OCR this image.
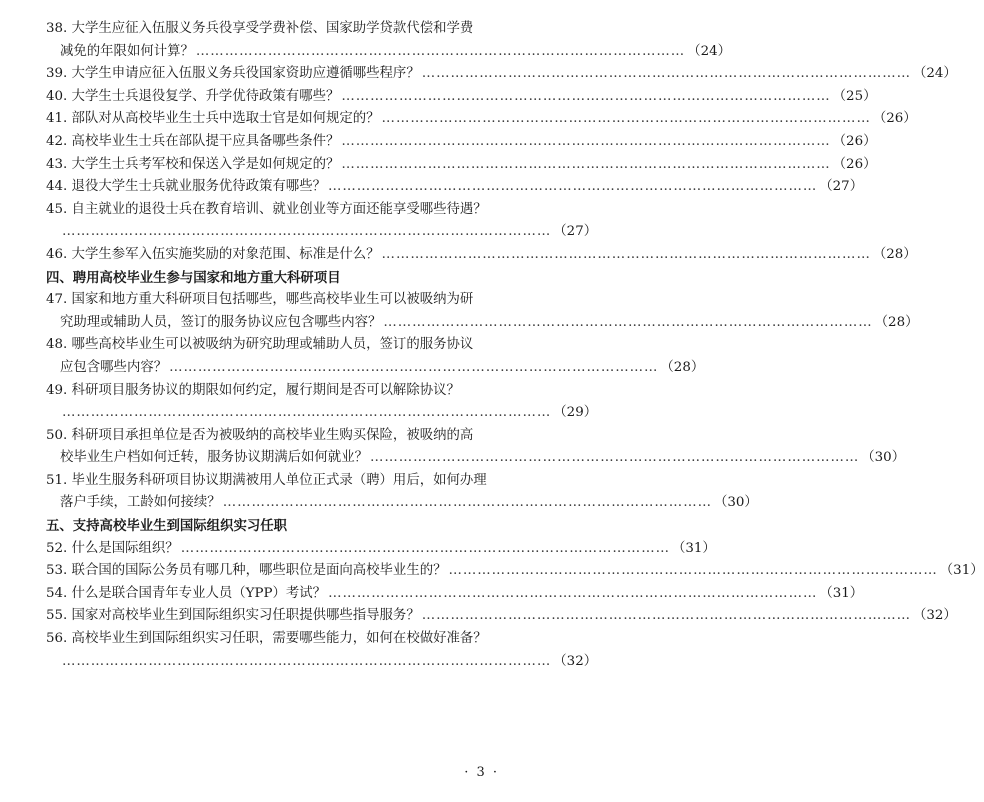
38. 大学生应征入伍服义务兵役享受学费补偿、国家助学贷款代偿和学费
减免的年限如何计算？ ………………………………………………………………………………………… （24）
39. 大学生申请应征入伍服义务兵役国家资助应遵循哪些程序？ ………………………………………………………………………………………… （24）
40. 大学生士兵退役复学、升学优待政策有哪些？ ………………………………………………………………………………………… （25）
41. 部队对从高校毕业生士兵中选取士官是如何规定的？ ………………………………………………………………………………………… （26）
42. 高校毕业生士兵在部队提干应具备哪些条件？ ………………………………………………………………………………………… （26）
43. 大学生士兵考军校和保送入学是如何规定的？ ………………………………………………………………………………………… （26）
44. 退役大学生士兵就业服务优待政策有哪些？ ………………………………………………………………………………………… （27）
45. 自主就业的退役士兵在教育培训、就业创业等方面还能享受哪些待遇？
………………………………………………………………………………………… （27）
46. 大学生参军入伍实施奖励的对象范围、标准是什么？ ………………………………………………………………………………………… （28）
四、聘用高校毕业生参与国家和地方重大科研项目
47. 国家和地方重大科研项目包括哪些，哪些高校毕业生可以被吸纳为研
究助理或辅助人员，签订的服务协议应包含哪些内容？ ………………………………………………………………………………………… （28）
48. 哪些高校毕业生可以被吸纳为研究助理或辅助人员，签订的服务协议
应包含哪些内容？ ………………………………………………………………………………………… （28）
49. 科研项目服务协议的期限如何约定，履行期间是否可以解除协议？
………………………………………………………………………………………… （29）
50. 科研项目承担单位是否为被吸纳的高校毕业生购买保险，被吸纳的高
校毕业生户档如何迁转，服务协议期满后如何就业？ ………………………………………………………………………………………… （30）
51. 毕业生服务科研项目协议期满被用人单位正式录（聘）用后，如何办理
落户手续，工龄如何接续？ ………………………………………………………………………………………… （30）
五、支持高校毕业生到国际组织实习任职
52. 什么是国际组织？ ………………………………………………………………………………………… （31）
53. 联合国的国际公务员有哪几种，哪些职位是面向高校毕业生的？ ………………………………………………………………………………………… （31）
54. 什么是联合国青年专业人员（YPP）考试？ ………………………………………………………………………………………… （31）
55. 国家对高校毕业生到国际组织实习任职提供哪些指导服务？ ………………………………………………………………………………………… （32）
56. 高校毕业生到国际组织实习任职，需要哪些能力，如何在校做好准备？
………………………………………………………………………………………… （32）
· 3 ·
